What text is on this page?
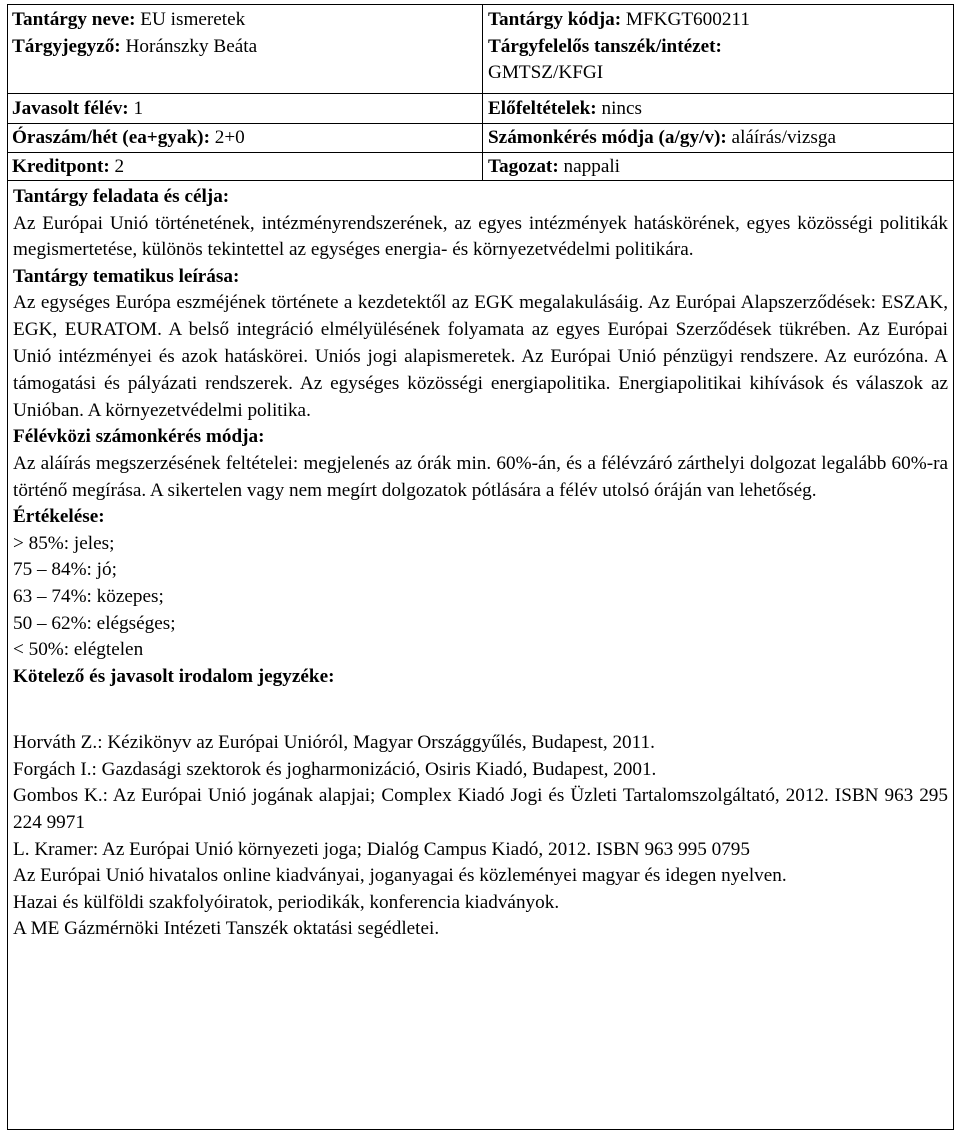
Tantárgy neve: EU ismeretek
Tárgyjegyző: Horánszky Beáta
Tantárgy kódja: MFKGT600211
Tárgyfelelős tanszék/intézet:
GMTSZ/KFGI
Javasolt félév: 1	Előfeltételek: nincs
Óraszám/hét (ea+gyak): 2+0	Számonkérés módja (a/gy/v): aláírás/vizsga
Kreditpont: 2	Tagozat: nappali

Tantárgy feladata és célja:

Az Európai Unió történetének, intézményrendszerének, az egyes intézmények hatáskörének, egyes közösségi politikák megismertetése, különös tekintettel az egységes energia- és környezetvédelmi politikára.

Tantárgy tematikus leírása:

Az egységes Európa eszméjének története a kezdetektől az EGK megalakulásáig. Az Európai Alapszerződések: ESZAK, EGK, EURATOM. A belső integráció elmélyülésének folyamata az egyes Európai Szerződések tükrében. Az Európai Unió intézményei és azok hatáskörei. Uniós jogi alapismeretek. Az Európai Unió pénzügyi rendszere. Az eurózóna. A támogatási és pályázati rendszerek. Az egységes közösségi energiapolitika. Energiapolitikai kihívások és válaszok az Unióban. A környezetvédelmi politika.

Félévközi számonkérés módja:

Az aláírás megszerzésének feltételei: megjelenés az órák min. 60%-án, és a félévzáró zárthelyi dolgozat legalább 60%-ra történő megírása. A sikertelen vagy nem megírt dolgozatok pótlására a félév utolsó óráján van lehetőség.

Értékelése:

> 85%: jeles;

75 – 84%: jó;

63 – 74%: közepes;

50 – 62%: elégséges;

< 50%: elégtelen

Kötelező és javasolt irodalom jegyzéke:

Horváth Z.: Kézikönyv az Európai Unióról, Magyar Országgyűlés, Budapest, 2011.

Forgách I.: Gazdasági szektorok és jogharmonizáció, Osiris Kiadó, Budapest, 2001.

Gombos K.: Az Európai Unió jogának alapjai; Complex Kiadó Jogi és Üzleti Tartalomszolgáltató, 2012. ISBN 963 295 224 9971

L. Kramer: Az Európai Unió környezeti joga; Dialóg Campus Kiadó, 2012. ISBN 963 995 0795

Az Európai Unió hivatalos online kiadványai, joganyagai és közleményei magyar és idegen nyelven.

Hazai és külföldi szakfolyóiratok, periodikák, konferencia kiadványok.

A ME Gázmérnöki Intézeti Tanszék oktatási segédletei.
